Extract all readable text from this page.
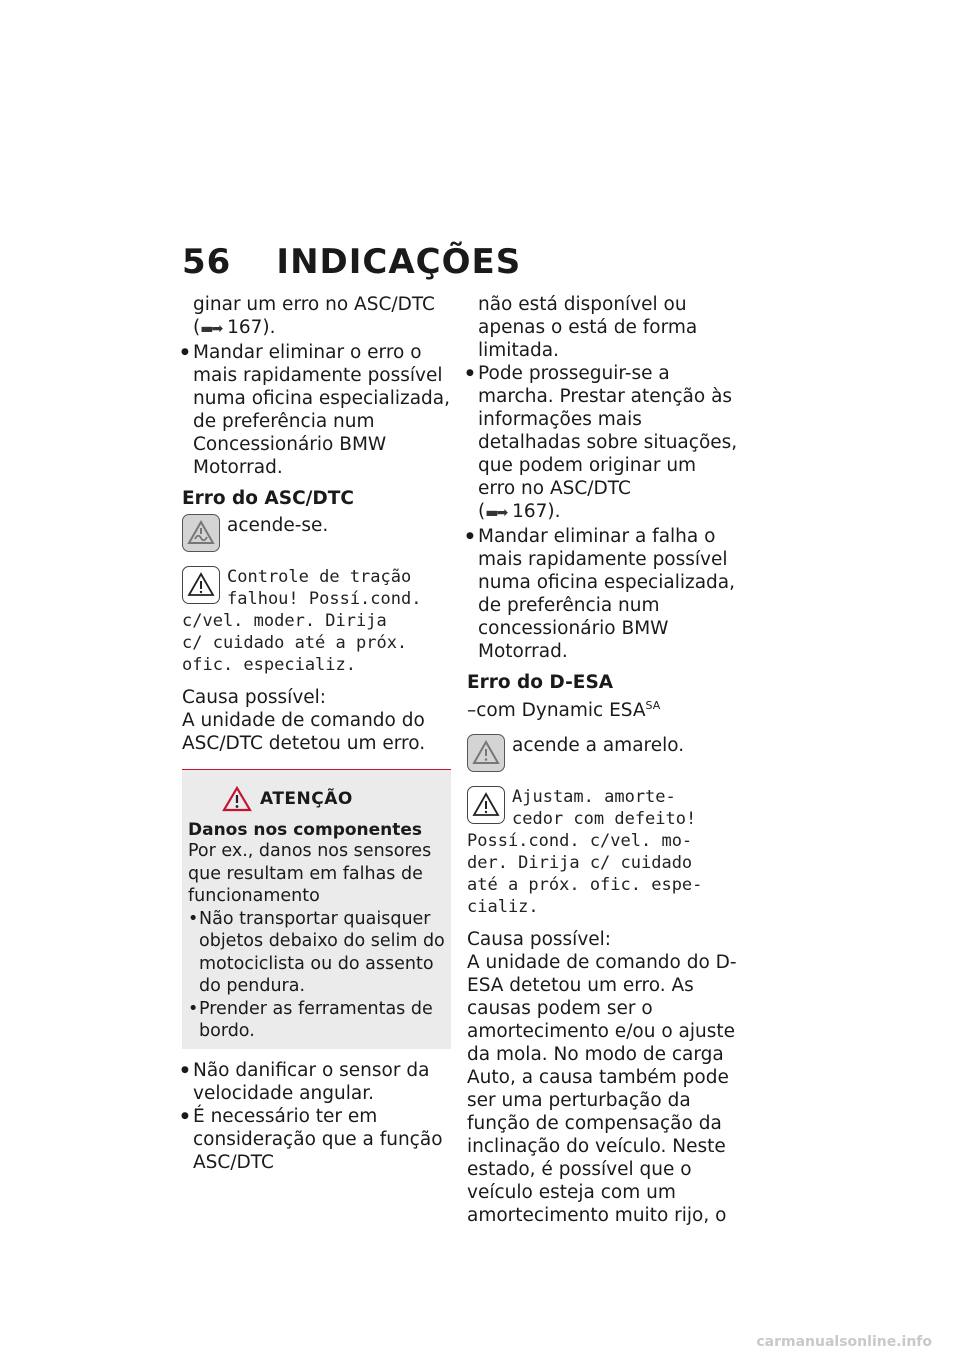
56 INDICAÇÕES

ginar um erro no ASC/DTC

(▬➡ 167).

● Mandar eliminar o erro o mais rapidamente possível numa oficina especializada, de preferência num Concessionário BMW Motorrad.
Erro do ASC/DTC
acende-se.
Controle de tração
falhou! Possí.cond.
c/vel. moder. Dirija
c/ cuidado até a próx.
ofic. especializ.

Causa possível:

A unidade de comando do ASC/DTC detetou um erro.

ATENÇÃO
Danos nos componentes
Por ex., danos nos sensores que resultam em falhas de funcionamento
• Não transportar quaisquer objetos debaixo do selim do motociclista ou do assento do pendura.
• Prender as ferramentas de bordo.
● Não danificar o sensor da velocidade angular.
● É necessário ter em consideração que a função ASC/DTC

não está disponível ou apenas o está de forma limitada.

● Pode prosseguir-se a marcha. Prestar atenção às informações mais detalhadas sobre situações, que podem originar um erro no ASC/DTC

(▬➡ 167).

● Mandar eliminar a falha o mais rapidamente possível numa oficina especializada, de preferência num concessionário BMW Motorrad.
Erro do D-ESA
–com Dynamic $ESA^{SA}$
acende a amarelo.
Ajustam. amorte-
cedor com defeito!
Possí.cond. c/vel. mo-
der. Dirija c/ cuidado
até a próx. ofic. espe-
cializ.

Causa possível:

A unidade de comando do D-ESA detetou um erro. As causas podem ser o amortecimento e/ou o ajuste da mola. No modo de carga Auto, a causa também pode ser uma perturbação da função de compensação da inclinação do veículo. Neste estado, é possível que o veículo esteja com um amortecimento muito rijo, o

carmanualsonline.info
